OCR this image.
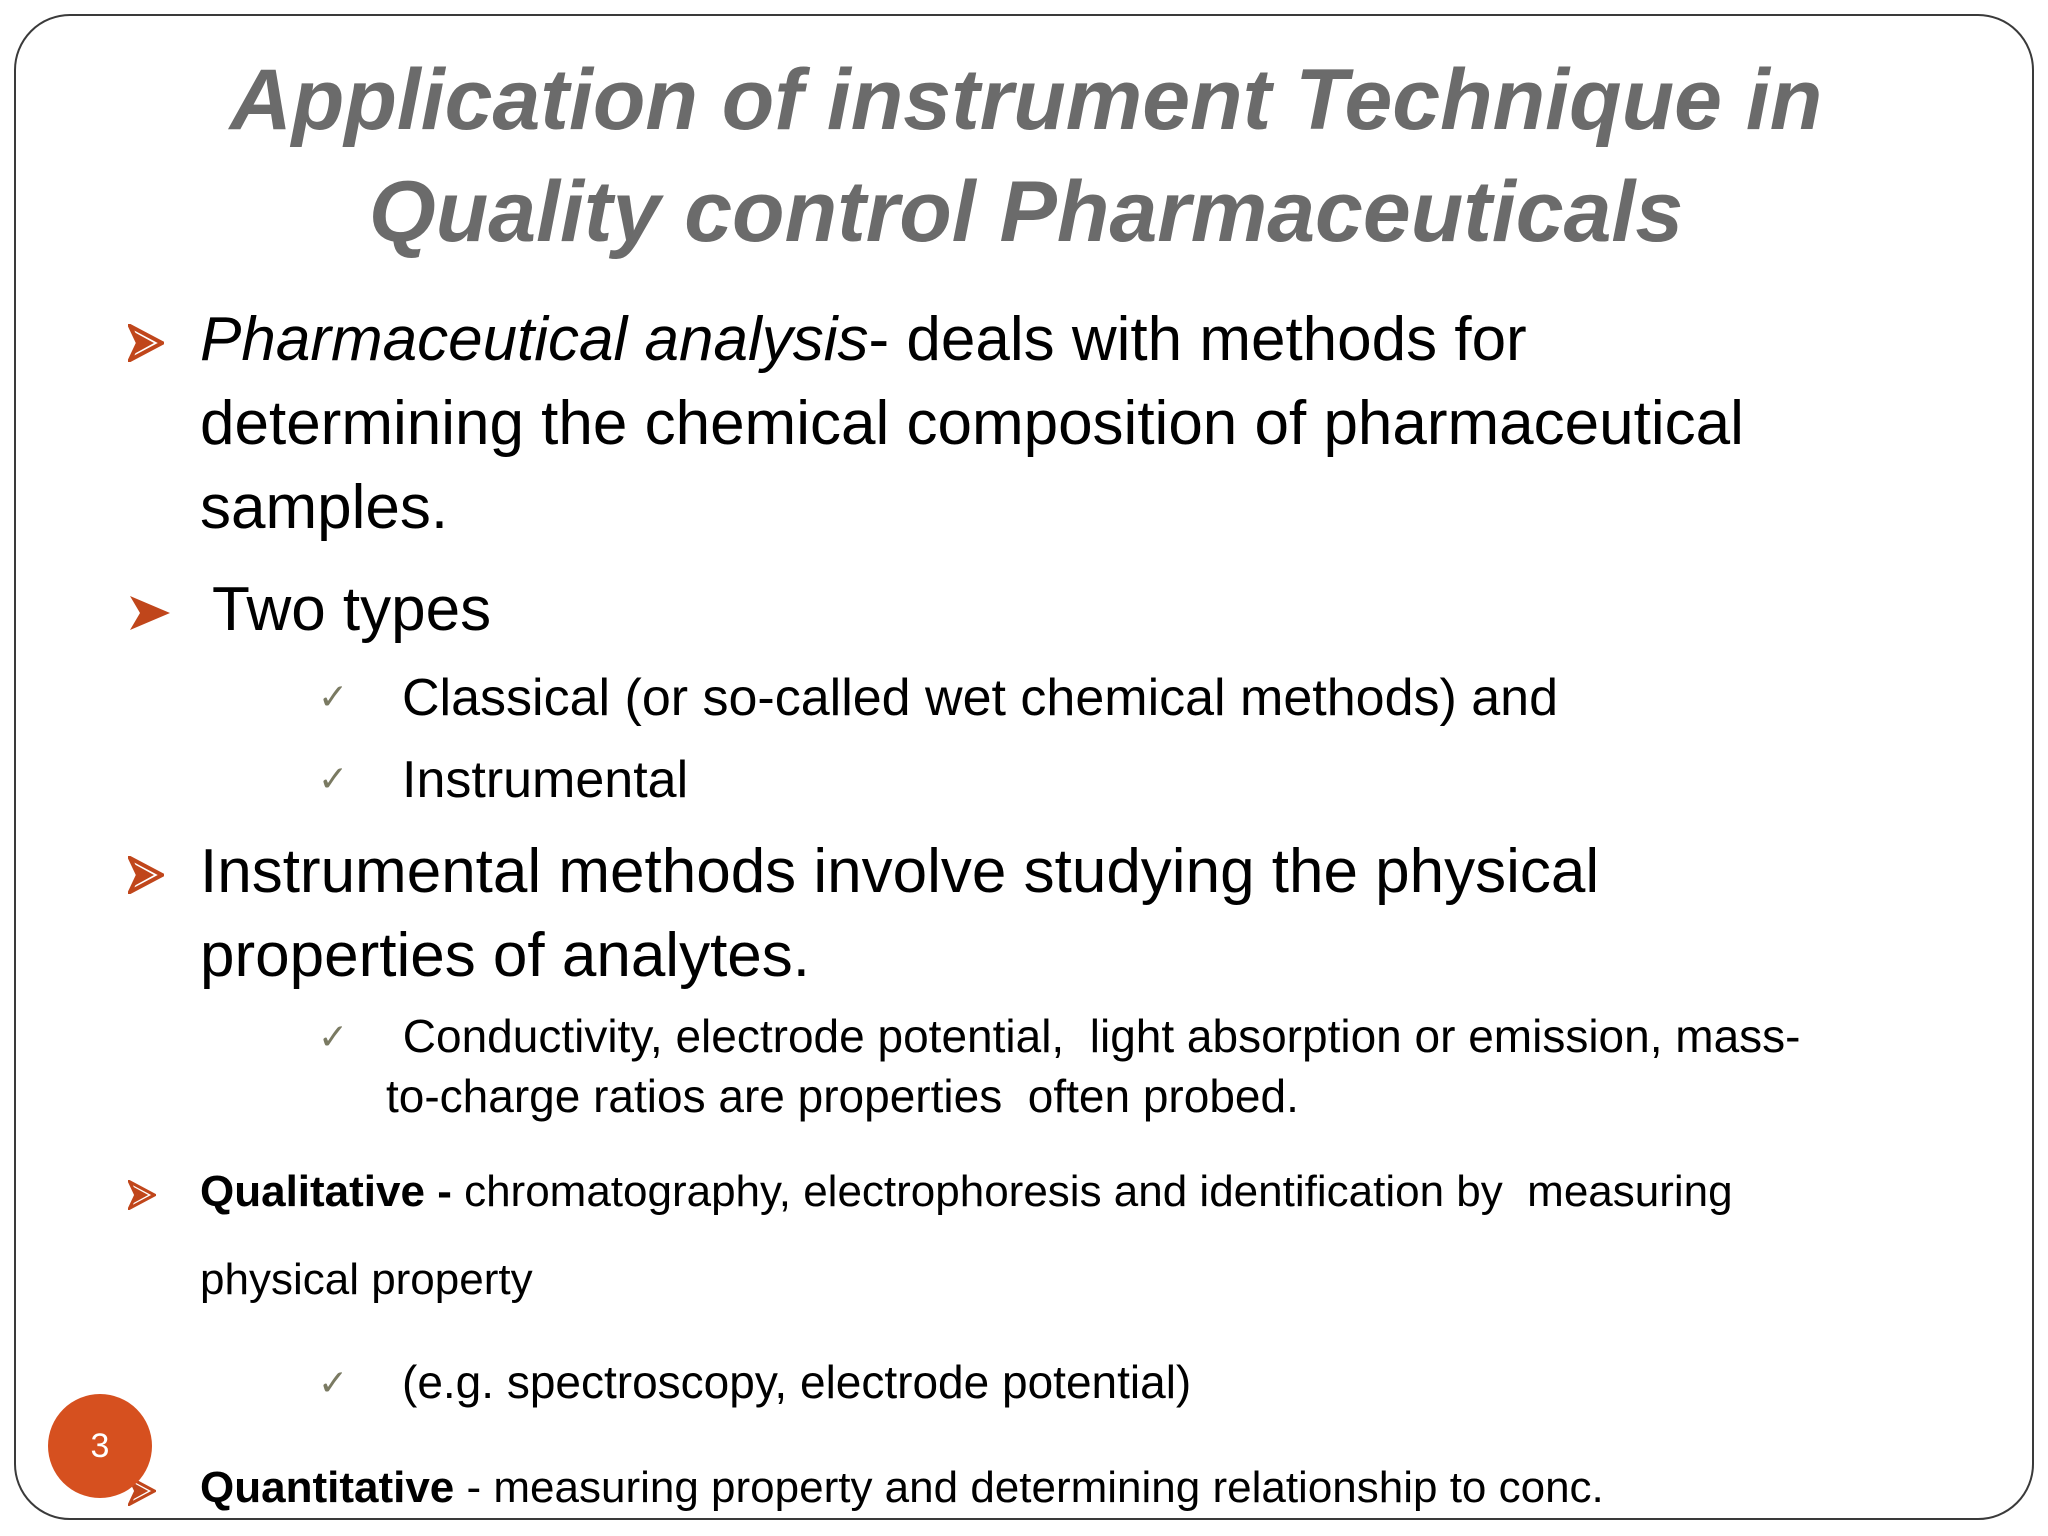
Application of instrument Technique in
Quality control Pharmaceuticals
Pharmaceutical analysis- deals with methods for
determining the chemical composition of pharmaceutical
samples.
Two types
✓ Classical (or so-called wet chemical methods) and
✓ Instrumental
Instrumental methods involve studying the physical
properties of analytes.
✓ Conductivity, electrode potential,  light absorption or emission, mass-
to-charge ratios are properties  often probed.
Qualitative - chromatography, electrophoresis and identification by  measuring
physical property
✓ (e.g. spectroscopy, electrode potential)
Quantitative - measuring property and determining relationship to conc.
3
